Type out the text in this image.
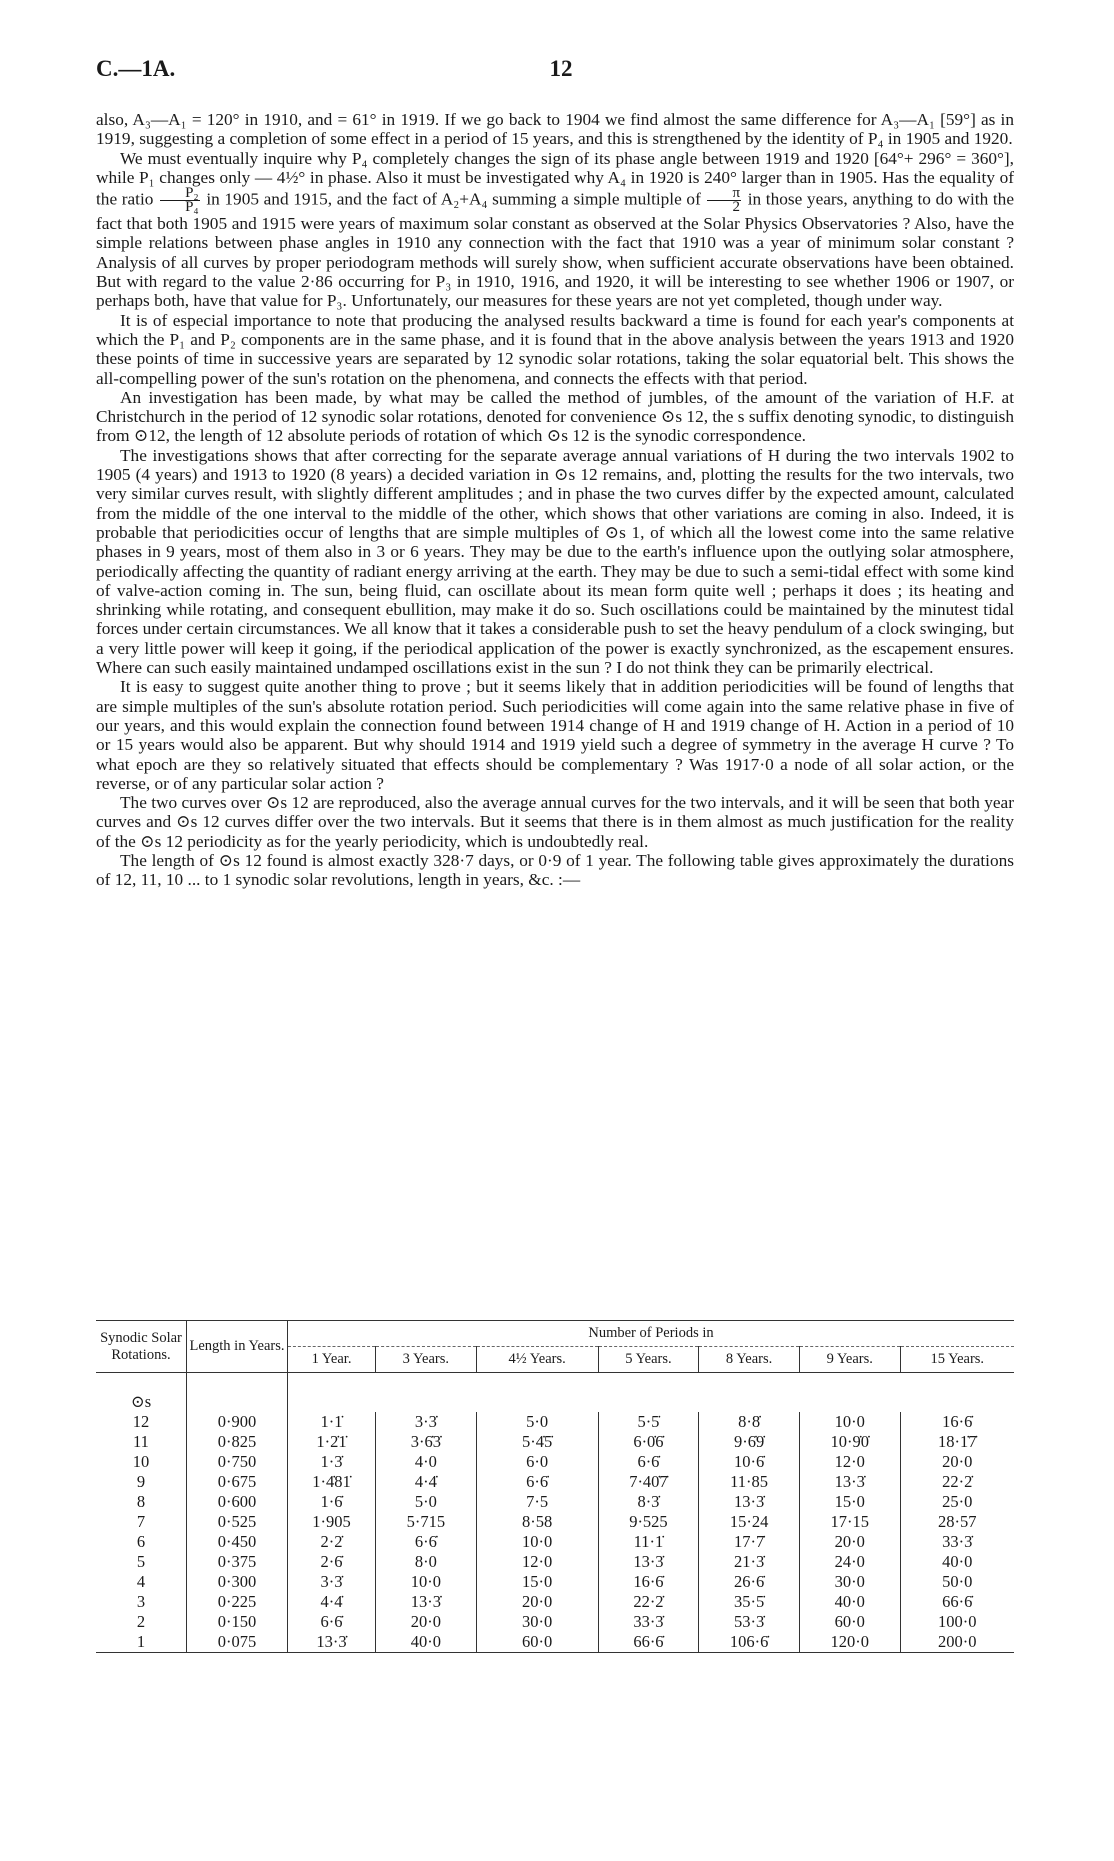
C.—1A.	12

also, A₃—A₁ = 120° in 1910, and = 61° in 1919. If we go back to 1904 we find almost the same difference for A₃—A₁ [59°] as in 1919, suggesting a completion of some effect in a period of 15 years, and this is strengthened by the identity of P₄ in 1905 and 1920.

We must eventually inquire why P₄ completely changes the sign of its phase angle between 1919 and 1920 [64°+ 296° = 360°], while P₁ changes only — 4½° in phase. Also it must be investigated why A₄ in 1920 is 240° larger than in 1905. Has the equality of the ratio $\frac{\text{P₂}}{\text{P₄}}$ in 1905 and 1915, and the fact of A₂+A₄ summing a simple multiple of $\frac{\pi}{2}$ in those years, anything to do with the fact that both 1905 and 1915 were years of maximum solar constant as observed at the Solar Physics Observatories ? Also, have the simple relations between phase angles in 1910 any connection with the fact that 1910 was a year of minimum solar constant ? Analysis of all curves by proper periodogram methods will surely show, when sufficient accurate observations have been obtained. But with regard to the value 2·86 occurring for P₃ in 1910, 1916, and 1920, it will be interesting to see whether 1906 or 1907, or perhaps both, have that value for P₃. Unfortunately, our measures for these years are not yet completed, though under way.

It is of especial importance to note that producing the analysed results backward a time is found for each year's components at which the P₁ and P₂ components are in the same phase, and it is found that in the above analysis between the years 1913 and 1920 these points of time in successive years are separated by 12 synodic solar rotations, taking the solar equatorial belt. This shows the all-compelling power of the sun's rotation on the phenomena, and connects the effects with that period.

An investigation has been made, by what may be called the method of jumbles, of the amount of the variation of H.F. at Christchurch in the period of 12 synodic solar rotations, denoted for convenience ⊙s 12, the s suffix denoting synodic, to distinguish from ⊙12, the length of 12 absolute periods of rotation of which ⊙s 12 is the synodic correspondence.

The investigations shows that after correcting for the separate average annual variations of H during the two intervals 1902 to 1905 (4 years) and 1913 to 1920 (8 years) a decided variation in ⊙s 12 remains, and, plotting the results for the two intervals, two very similar curves result, with slightly different amplitudes ; and in phase the two curves differ by the expected amount, calculated from the middle of the one interval to the middle of the other, which shows that other variations are coming in also. Indeed, it is probable that periodicities occur of lengths that are simple multiples of ⊙s 1, of which all the lowest come into the same relative phases in 9 years, most of them also in 3 or 6 years. They may be due to the earth's influence upon the outlying solar atmosphere, periodically affecting the quantity of radiant energy arriving at the earth. They may be due to such a semi-tidal effect with some kind of valve-action coming in. The sun, being fluid, can oscillate about its mean form quite well ; perhaps it does ; its heating and shrinking while rotating, and consequent ebullition, may make it do so. Such oscillations could be maintained by the minutest tidal forces under certain circumstances. We all know that it takes a considerable push to set the heavy pendulum of a clock swinging, but a very little power will keep it going, if the periodical application of the power is exactly synchronized, as the escapement ensures. Where can such easily maintained undamped oscillations exist in the sun ? I do not think they can be primarily electrical.

It is easy to suggest quite another thing to prove ; but it seems likely that in addition periodicities will be found of lengths that are simple multiples of the sun's absolute rotation period. Such periodicities will come again into the same relative phase in five of our years, and this would explain the connection found between 1914 change of H and 1919 change of H. Action in a period of 10 or 15 years would also be apparent. But why should 1914 and 1919 yield such a degree of symmetry in the average H curve ? To what epoch are they so relatively situated that effects should be complementary ? Was 1917·0 a node of all solar action, or the reverse, or of any particular solar action ?

The two curves over ⊙s 12 are reproduced, also the average annual curves for the two intervals, and it will be seen that both year curves and ⊙s 12 curves differ over the two intervals. But it seems that there is in them almost as much justification for the reality of the ⊙s 12 periodicity as for the yearly periodicity, which is undoubtedly real.

The length of ⊙s 12 found is almost exactly 328·7 days, or 0·9 of 1 year. The following table gives approximately the durations of 12, 11, 10 ... to 1 synodic solar revolutions, length in years, &c. :—

Synodic Solar Rotations.	Length in Years.	Number of Periods in						
		1 Year.	3 Years.	4½ Years.	5 Years.	8 Years.	9 Years.	15 Years.

⊙s								
12	0·900	1·1̇	3·3̇	5·0	5·5̇	8·8̇	10·0	16·6̇
11	0·825	1·2̇1̇	3·6̇3̇	5·4̇5̇	6·0̇6̇	9·6̇9̇	10·9̇0̇	18·1̇7̇
10	0·750	1·3̇	4·0	6·0	6·6̇	10·6̇	12·0	20·0
9	0·675	1·4̇81̇	4·4̇	6·6̇	7·40̇7̇	11·85	13·3̇	22·2̇
8	0·600	1·6̇	5·0	7·5	8·3̇	13·3̇	15·0	25·0
7	0·525	1·905	5·715	8·58	9·525	15·24	17·15	28·57
6	0·450	2·2̇	6·6̇	10·0	11·1̇	17·7̇	20·0	33·3̇
5	0·375	2·6̇	8·0	12·0	13·3̇	21·3̇	24·0	40·0
4	0·300	3·3̇	10·0	15·0	16·6̇	26·6̇	30·0	50·0
3	0·225	4·4̇	13·3̇	20·0	22·2̇	35·5̇	40·0	66·6̇
2	0·150	6·6̇	20·0	30·0	33·3̇	53·3̇	60·0	100·0
1	0·075	13·3̇	40·0	60·0	66·6̇	106·6̇	120·0	200·0
